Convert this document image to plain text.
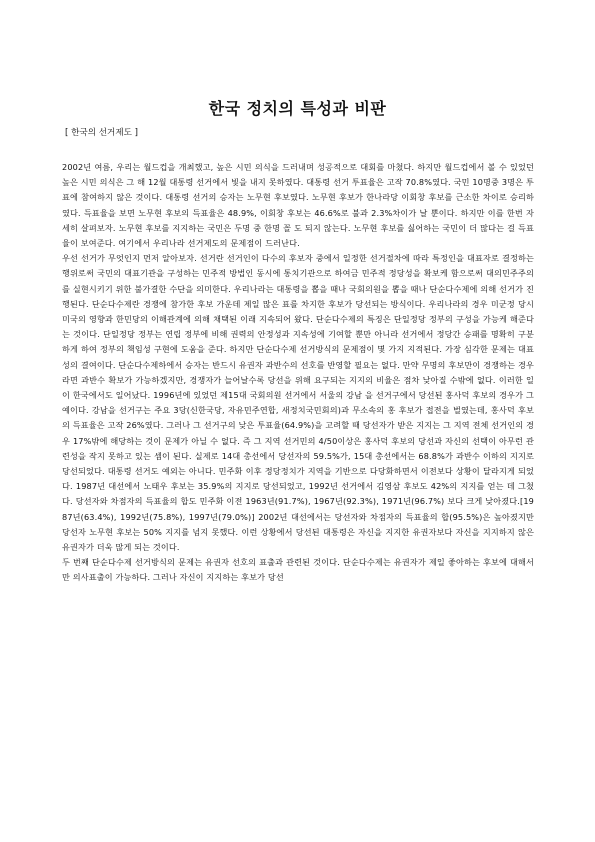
한국 정치의 특성과 비판

[ 한국의 선거제도 ]

2002년 여름, 우리는 월드컵을 개최했고, 높은 시민 의식을 드러내며 성공적으로 대회를 마쳤다. 하지만 월드컵에서 볼 수 있었던 높은 시민 의식은 그 해 12월 대통령 선거에서 빛을 내지 못하였다. 대통령 선거 투표율은 고작 70.8%였다. 국민 10명중 3명은 투표에 참여하지 않은 것이다. 대통령 선거의 승자는 노무현 후보였다. 노무현 후보가 한나라당 이회창 후보를 근소한 차이로 승리하였다. 득표율을 보면 노무현 후보의 득표율은 48.9%, 이회창 후보는 46.6%로 불과 2.3%차이가 날 뿐이다. 하지만 이를 한번 자세히 살펴보자. 노무현 후보를 지지하는 국민은 두명 중 한명 꼴 도 되지 않는다. 노무현 후보를 싫어하는 국민이 더 많다는 걸 득표율이 보여준다. 여기에서 우리나라 선거제도의 문제점이 드러난다.

우선 선거가 무엇인지 먼저 알아보자. 선거란 선거인이 다수의 후보자 중에서 일정한 선거절차에 따라 특정인을 대표자로 결정하는 행위로써 국민의 대표기관을 구성하는 민주적 방법인 동시에 통치기관으로 하여금 민주적 정당성을 확보케 함으로써 대의민주주의를 실현시키기 위한 불가결한 수단을 의미한다. 우리나라는 대통령을 뽑을 때나 국회의원을 뽑을 때나 단순다수제에 의해 선거가 진행된다. 단순다수제란 경쟁에 참가한 후보 가운데 제일 많은 표를 차지한 후보가 당선되는 방식이다. 우리나라의 경우 미군정 당시 미국의 영향과 한민당의 이해관계에 의해 채택된 이래 지속되어 왔다. 단순다수제의 특징은 단일정당 정부의 구성을 가능케 해준다는 것이다. 단일정당 정부는 연립 정부에 비해 권력의 안정성과 지속성에 기여할 뿐만 아니라 선거에서 정당간 승패를 명확히 구분하게 하여 정부의 책임성 구현에 도움을 준다. 하지만 단순다수제 선거방식의 문제점이 몇 가지 지적된다. 가장 심각한 문제는 대표성의 결여이다. 단순다수제하에서 승자는 반드시 유권자 과반수의 선호를 반영할 필요는 없다. 만약 무명의 후보만이 경쟁하는 경우라면 과반수 확보가 가능하겠지만, 경쟁자가 늘어날수록 당선을 위해 요구되는 지지의 비율은 점차 낮아질 수밖에 없다. 이러한 일이 한국에서도 일어났다. 1996년에 있었던 제15대 국회의원 선거에서 서울의 강남 을 선거구에서 당선된 홍사덕 후보의 경우가 그 예이다. 강남을 선거구는 주요 3당(신한국당, 자유민주연합, 새정치국민회의)과 무소속의 홍 후보가 접전을 벌였는데, 홍사덕 후보의 득표율은 고작 26%였다. 그러나 그 선거구의 낮은 투표율(64.9%)을 고려할 때 당선자가 받은 지지는 그 지역 전체 선거인의 경우 17%밖에 해당하는 것이 문제가 아닐 수 없다. 즉 그 지역 선거민의 4/50이상은 홍사덕 후보의 당선과 자신의 선택이 아무런 관련성을 작지 못하고 있는 셈이 된다. 실제로 14대 총선에서 당선자의 59.5%가, 15대 총선에서는 68.8%가 과반수 이하의 지지로 당선되었다. 대통령 선거도 예외는 아니다. 민주화 이후 정당정치가 지역을 기반으로 다당화하면서 이전보다 상황이 달라지게 되었다. 1987년 대선에서 노태우 후보는 35.9%의 지지로 당선되었고, 1992년 선거에서 김영삼 후보도 42%의 지지를 얻는 데 그쳤다. 당선자와 차점자의 득표율의 합도 민주화 이전 1963년(91.7%), 1967년(92.3%), 1971년(96.7%) 보다 크게 낮아졌다.[1987년(63.4%), 1992년(75.8%), 1997년(79.0%)] 2002년 대선에서는 당선자와 차점자의 득표율의 합(95.5%)은 높아졌지만 당선자 노무현 후보는 50% 지지를 넘지 못했다. 이런 상황에서 당선된 대통령은 자신을 지지한 유권자보다 자신을 지지하지 않은 유권자가 더욱 많게 되는 것이다.

두 번째 단순다수제 선거방식의 문제는 유권자 선호의 표출과 관련된 것이다. 단순다수제는 유권자가 제일 좋아하는 후보에 대해서만 의사표출이 가능하다. 그러나 자신이 지지하는 후보가 당선
